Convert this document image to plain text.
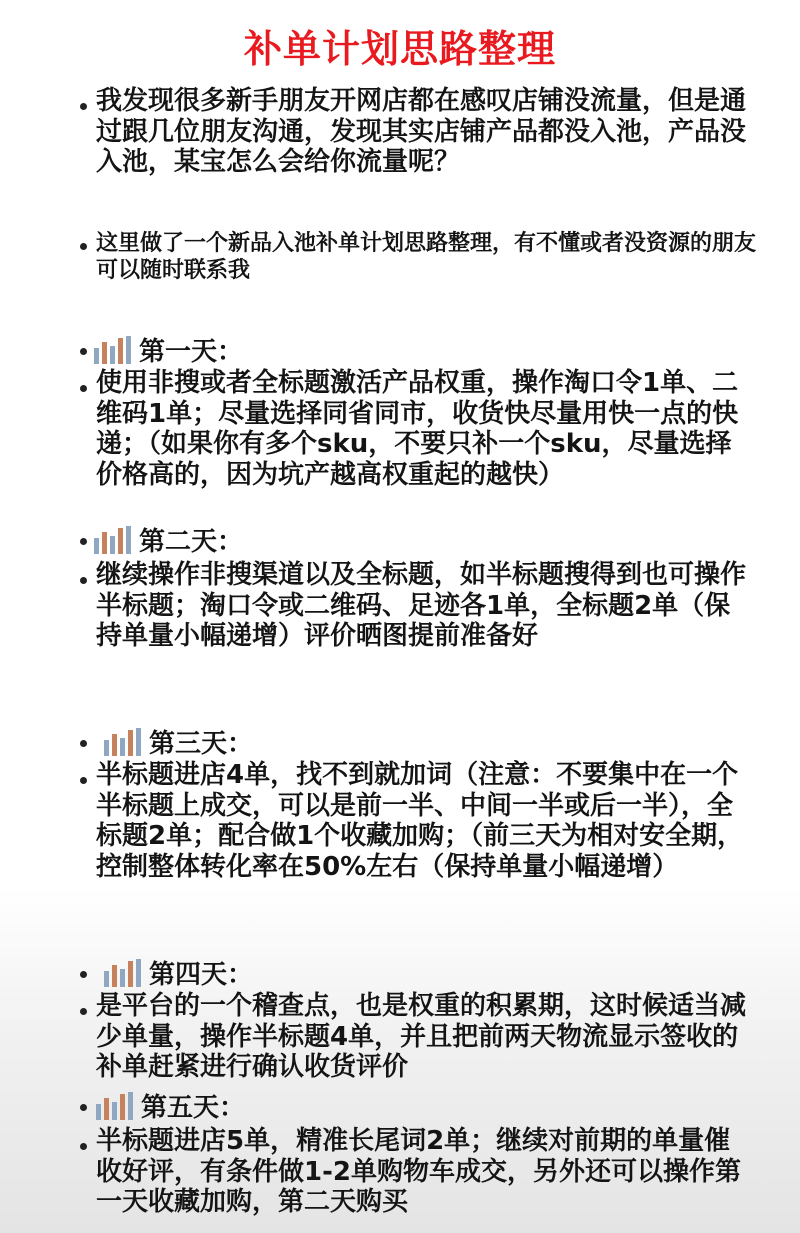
补单计划思路整理
我发现很多新手朋友开网店都在感叹店铺没流量，但是通过跟几位朋友沟通，发现其实店铺产品都没入池，产品没入池，某宝怎么会给你流量呢？
这里做了一个新品入池补单计划思路整理，有不懂或者没资源的朋友可以随时联系我
第一天：
使用非搜或者全标题激活产品权重，操作淘口令1单、二维码1单；尽量选择同省同市，收货快尽量用快一点的快递；（如果你有多个sku，不要只补一个sku，尽量选择价格高的，因为坑产越高权重起的越快）
第二天：
继续操作非搜渠道以及全标题，如半标题搜得到也可操作半标题；淘口令或二维码、足迹各1单，全标题2单（保持单量小幅递增）评价晒图提前准备好
第三天：
半标题进店4单，找不到就加词（注意：不要集中在一个半标题上成交，可以是前一半、中间一半或后一半），全标题2单；配合做1个收藏加购；（前三天为相对安全期，控制整体转化率在50%左右（保持单量小幅递增）
第四天：
是平台的一个稽查点，也是权重的积累期，这时候适当减少单量，操作半标题4单，并且把前两天物流显示签收的补单赶紧进行确认收货评价
第五天：
半标题进店5单，精准长尾词2单；继续对前期的单量催收好评，有条件做1-2单购物车成交，另外还可以操作第一天收藏加购，第二天购买
